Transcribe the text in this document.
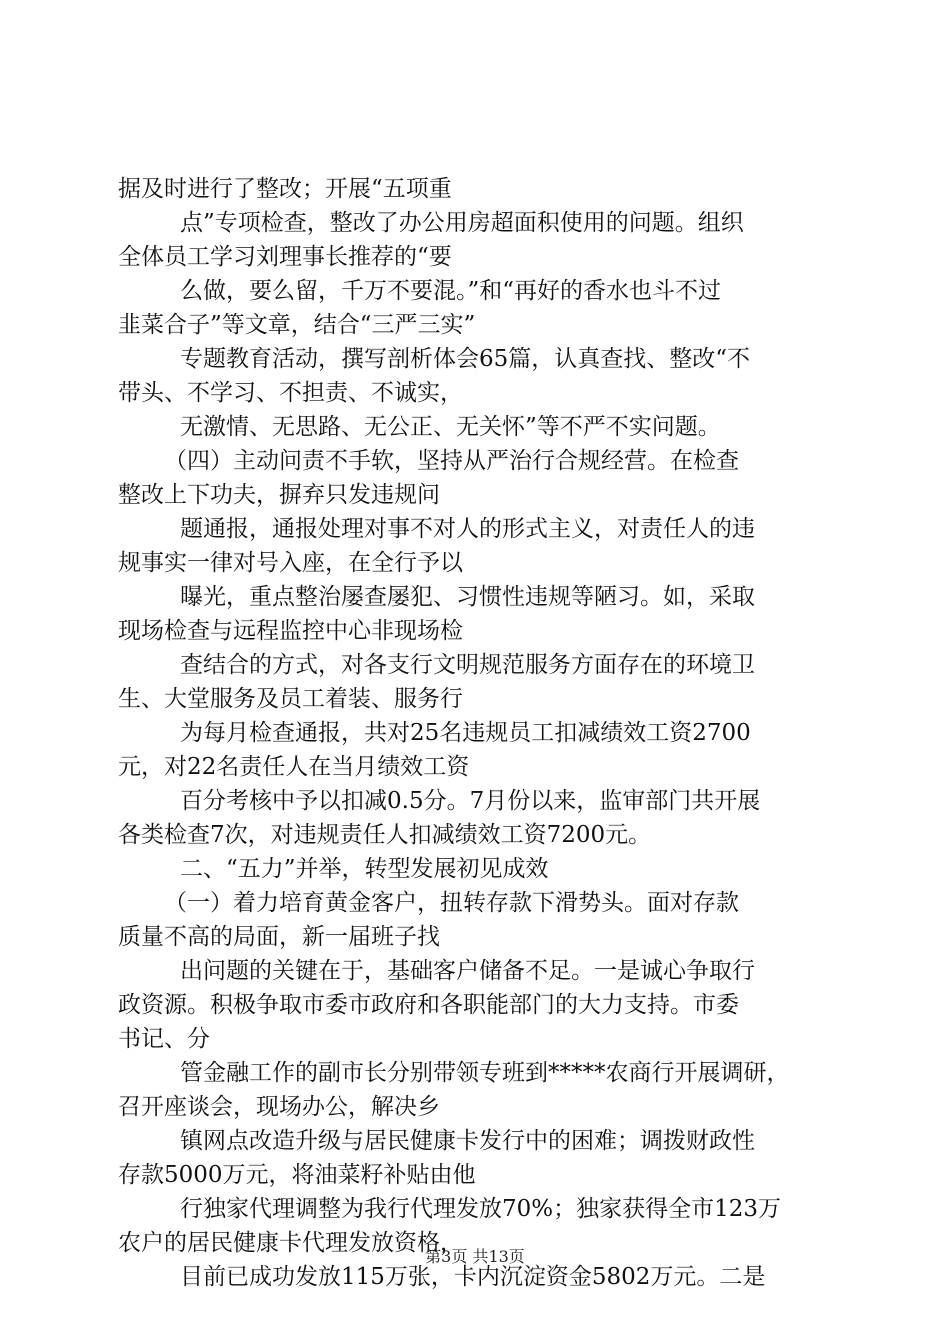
据及时进行了整改；开展“五项重
点”专项检查，整改了办公用房超面积使用的问题。组织
全体员工学习刘理事长推荐的“要
么做，要么留，千万不要混。”和“再好的香水也斗不过
韭菜合子”等文章，结合“三严三实”
专题教育活动，撰写剖析体会65篇，认真查找、整改“不
带头、不学习、不担责、不诚实，
无激情、无思路、无公正、无关怀”等不严不实问题。
（四）主动问责不手软，坚持从严治行合规经营。在检查
整改上下功夫，摒弃只发违规问
题通报，通报处理对事不对人的形式主义，对责任人的违
规事实一律对号入座，在全行予以
曝光，重点整治屡查屡犯、习惯性违规等陋习。如，采取
现场检查与远程监控中心非现场检
查结合的方式，对各支行文明规范服务方面存在的环境卫
生、大堂服务及员工着装、服务行
为每月检查通报，共对25名违规员工扣减绩效工资2700
元，对22名责任人在当月绩效工资
百分考核中予以扣减0.5分。7月份以来，监审部门共开展
各类检查7次，对违规责任人扣减绩效工资7200元。
二、“五力”并举，转型发展初见成效
（一）着力培育黄金客户，扭转存款下滑势头。面对存款
质量不高的局面，新一届班子找
出问题的关键在于，基础客户储备不足。一是诚心争取行
政资源。积极争取市委市政府和各职能部门的大力支持。市委
书记、分
管金融工作的副市长分别带领专班到*****农商行开展调研，
召开座谈会，现场办公，解决乡
镇网点改造升级与居民健康卡发行中的困难；调拨财政性
存款5000万元，将油菜籽补贴由他
行独家代理调整为我行代理发放70%；独家获得全市123万
农户的居民健康卡代理发放资格，
目前已成功发放115万张，卡内沉淀资金5802万元。二是
第3页 共13页
